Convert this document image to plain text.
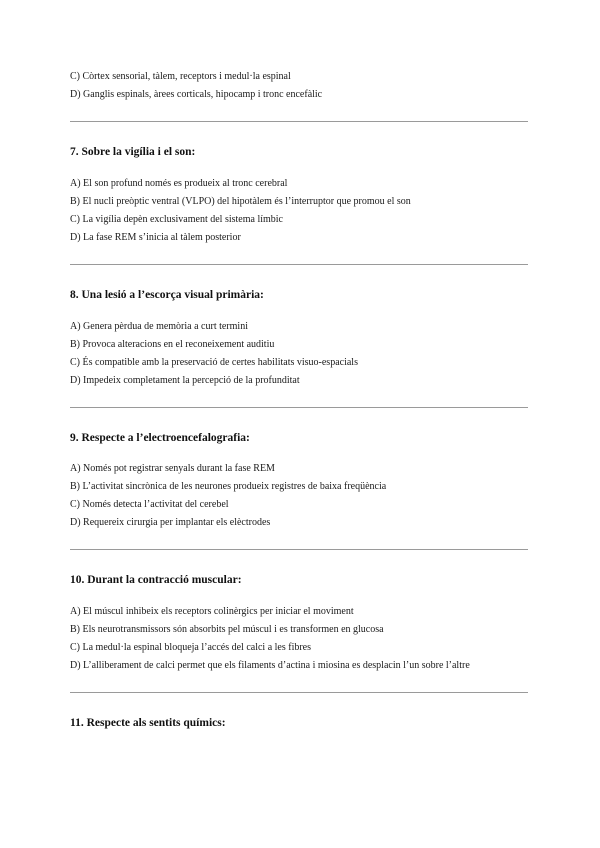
C) Còrtex sensorial, tàlem, receptors i medul·la espinal

D) Ganglis espinals, àrees corticals, hipocamp i tronc encefàlic

7. Sobre la vigília i el son:

A) El son profund només es produeix al tronc cerebral

B) El nucli preòptic ventral (VLPO) del hipotàlem és l’interruptor que promou el son

C) La vigília depèn exclusivament del sistema límbic

D) La fase REM s’inicia al tàlem posterior

8. Una lesió a l’escorça visual primària:

A) Genera pèrdua de memòria a curt termini

B) Provoca alteracions en el reconeixement auditiu

C) És compatible amb la preservació de certes habilitats visuo-espacials

D) Impedeix completament la percepció de la profunditat

9. Respecte a l’electroencefalografia:

A) Només pot registrar senyals durant la fase REM

B) L’activitat sincrònica de les neurones produeix registres de baixa freqüència

C) Només detecta l’activitat del cerebel

D) Requereix cirurgia per implantar els elèctrodes

10. Durant la contracció muscular:

A) El múscul inhibeix els receptors colinèrgics per iniciar el moviment

B) Els neurotransmissors són absorbits pel múscul i es transformen en glucosa

C) La medul·la espinal bloqueja l’accés del calci a les fibres

D) L’alliberament de calci permet que els filaments d’actina i miosina es desplacin l’un sobre l’altre

11. Respecte als sentits químics:
